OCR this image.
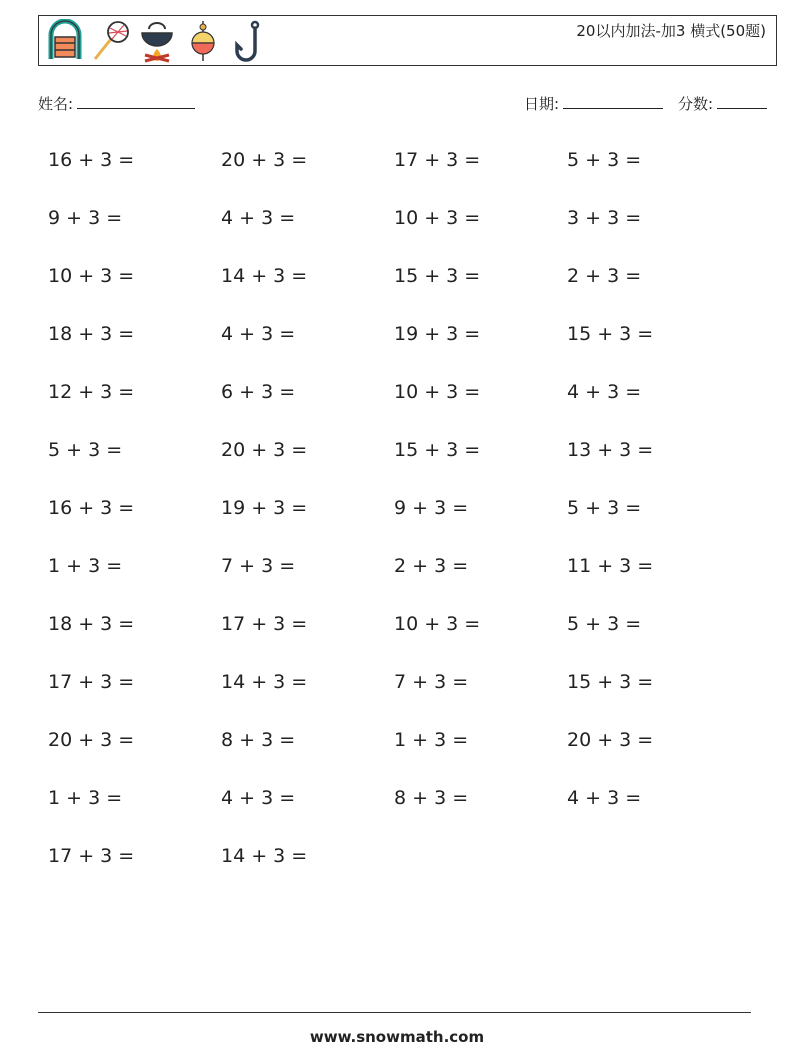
20以内加法-加3 横式(50题)
姓名:	日期:	分数:
16 + 3 =	20 + 3 =	17 + 3 =	5 + 3 =
9 + 3 =	4 + 3 =	10 + 3 =	3 + 3 =
10 + 3 =	14 + 3 =	15 + 3 =	2 + 3 =
18 + 3 =	4 + 3 =	19 + 3 =	15 + 3 =
12 + 3 =	6 + 3 =	10 + 3 =	4 + 3 =
5 + 3 =	20 + 3 =	15 + 3 =	13 + 3 =
16 + 3 =	19 + 3 =	9 + 3 =	5 + 3 =
1 + 3 =	7 + 3 =	2 + 3 =	11 + 3 =
18 + 3 =	17 + 3 =	10 + 3 =	5 + 3 =
17 + 3 =	14 + 3 =	7 + 3 =	15 + 3 =
20 + 3 =	8 + 3 =	1 + 3 =	20 + 3 =
1 + 3 =	4 + 3 =	8 + 3 =	4 + 3 =
17 + 3 =	14 + 3 =
www.snowmath.com
